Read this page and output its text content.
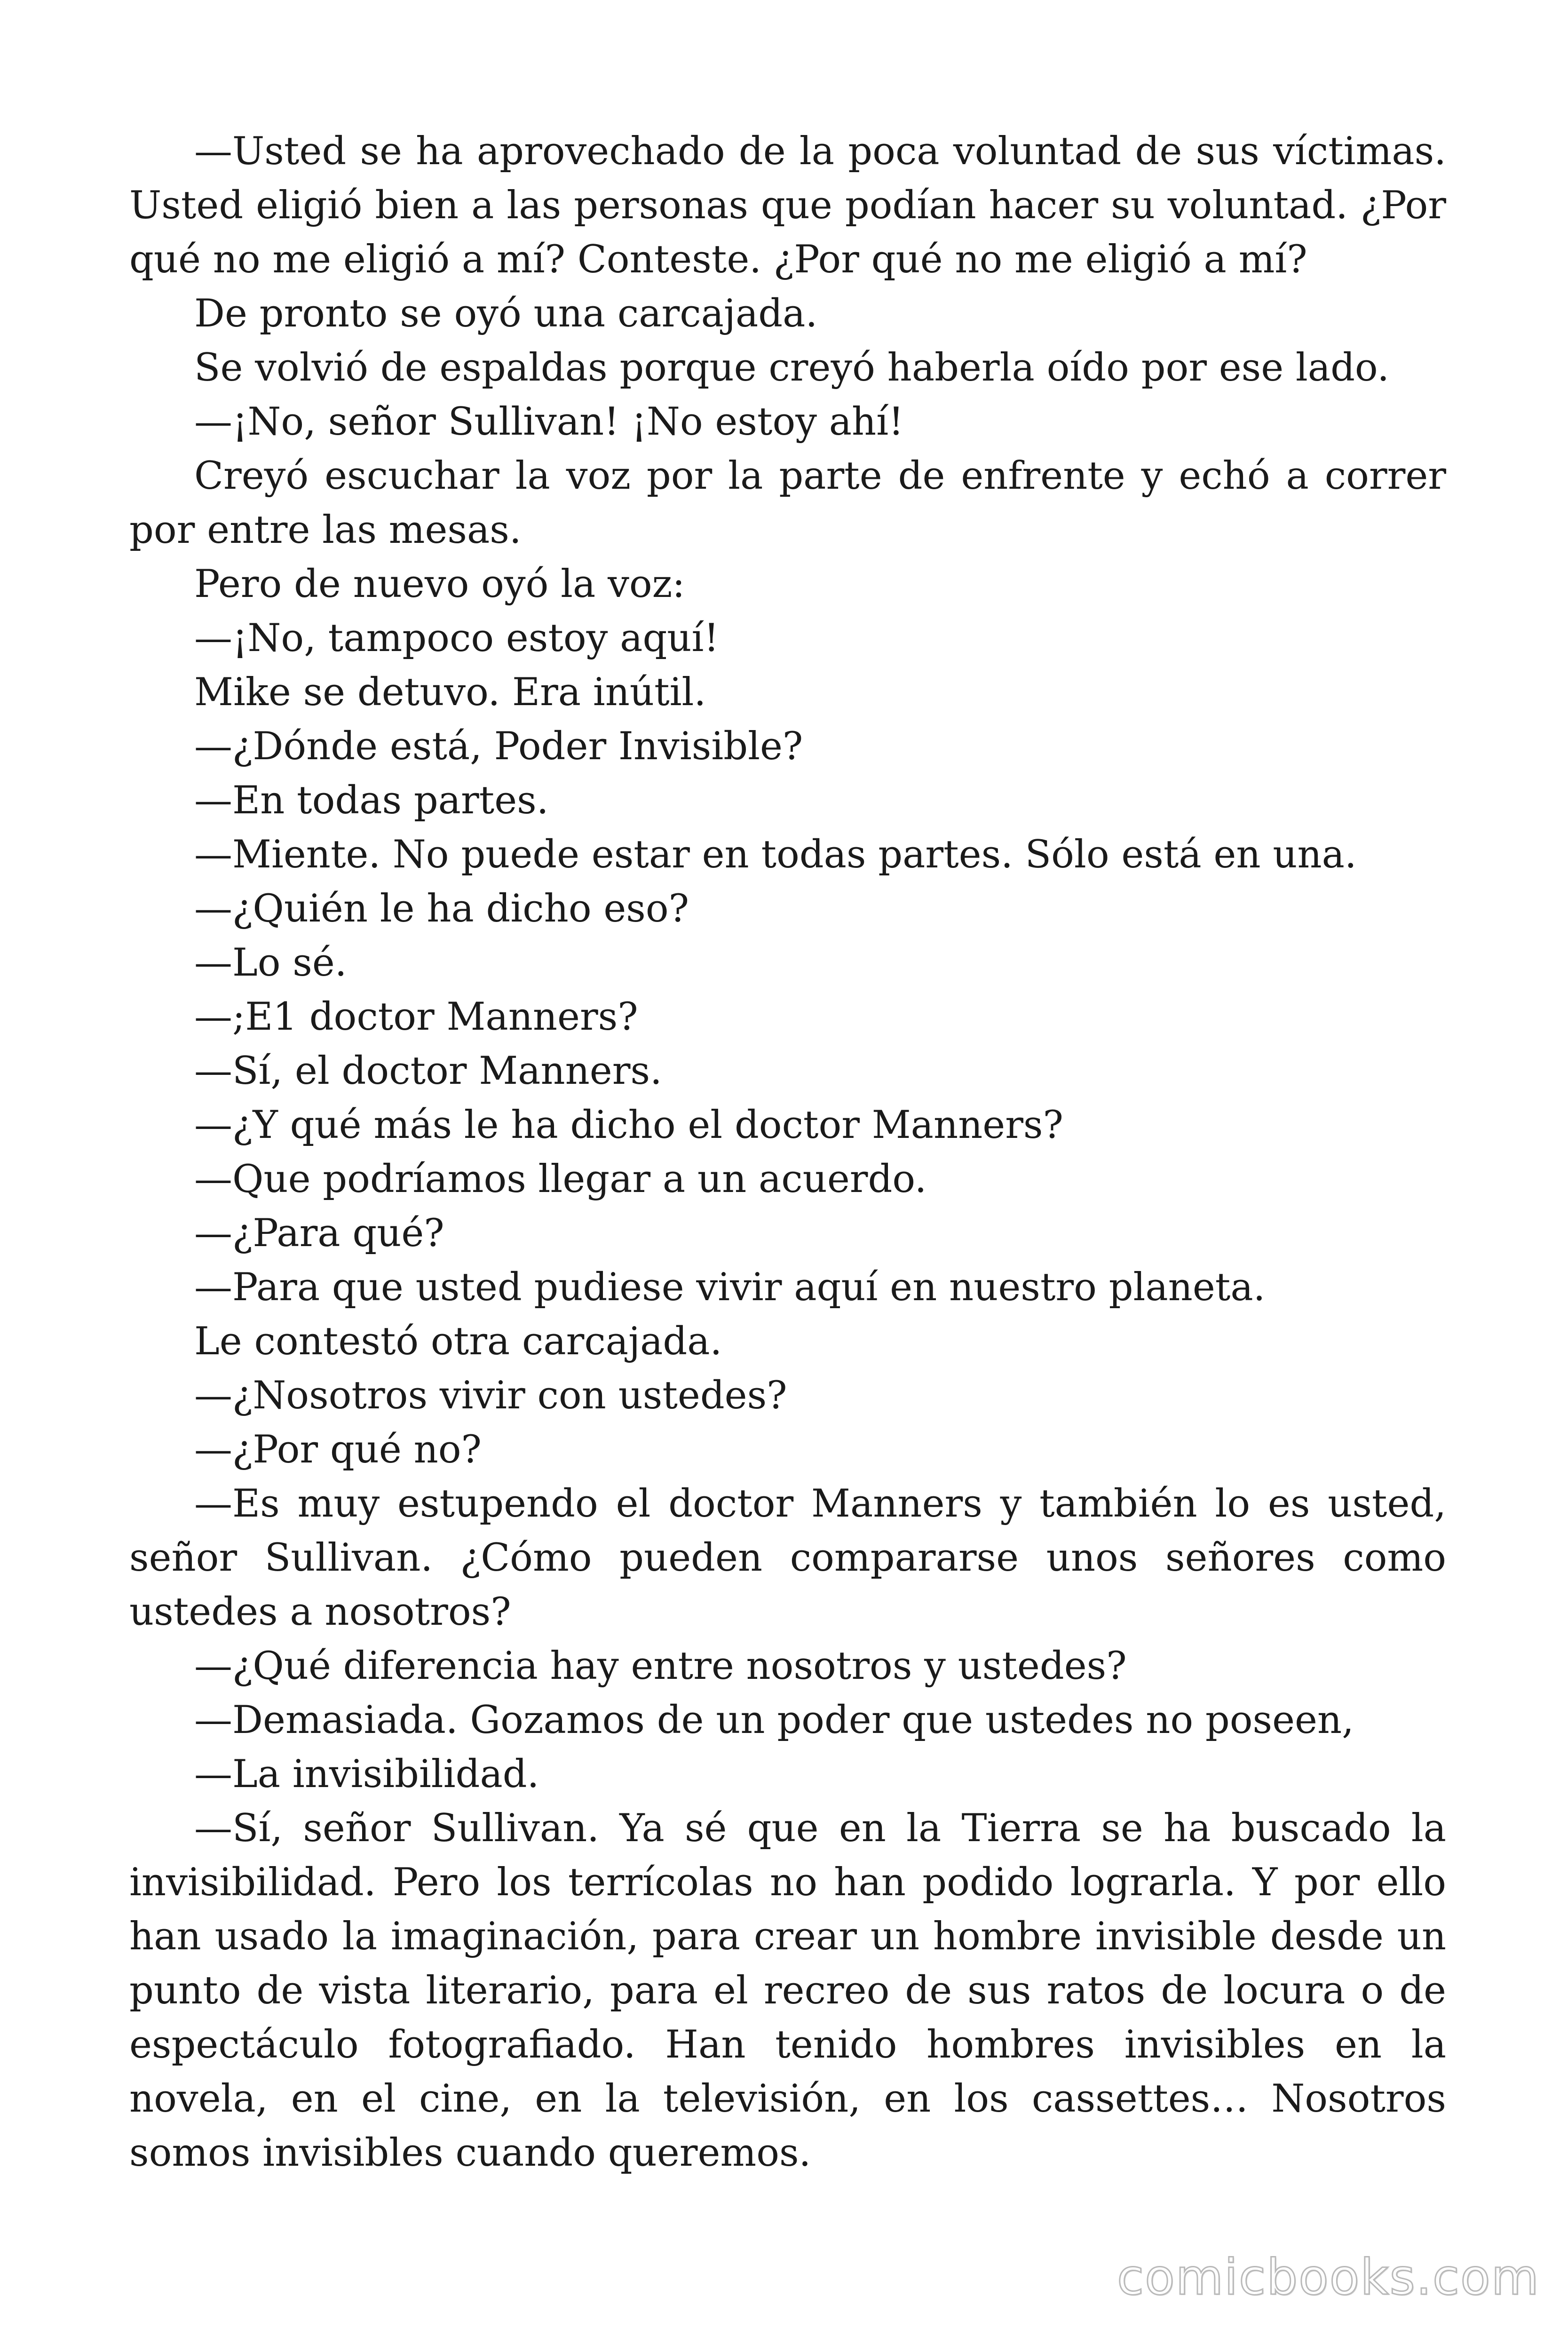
—Usted se ha aprovechado de la poca voluntad de sus víctimas. Usted eligió bien a las personas que podían hacer su voluntad. ¿Por qué no me eligió a mí? Conteste. ¿Por qué no me eligió a mí?

De pronto se oyó una carcajada.

Se volvió de espaldas porque creyó haberla oído por ese lado.

—¡No, señor Sullivan! ¡No estoy ahí!

Creyó escuchar la voz por la parte de enfrente y echó a correr por entre las mesas.

Pero de nuevo oyó la voz:

—¡No, tampoco estoy aquí!

Mike se detuvo. Era inútil.

—¿Dónde está, Poder Invisible?

—En todas partes.

—Miente. No puede estar en todas partes. Sólo está en una.

—¿Quién le ha dicho eso?

—Lo sé.

—;E1 doctor Manners?

—Sí, el doctor Manners.

—¿Y qué más le ha dicho el doctor Manners?

—Que podríamos llegar a un acuerdo.

—¿Para qué?

—Para que usted pudiese vivir aquí en nuestro planeta.

Le contestó otra carcajada.

—¿Nosotros vivir con ustedes?

—¿Por qué no?

—Es muy estupendo el doctor Manners y también lo es usted, señor Sullivan. ¿Cómo pueden compararse unos señores como ustedes a nosotros?

—¿Qué diferencia hay entre nosotros y ustedes?

—Demasiada. Gozamos de un poder que ustedes no poseen,

—La invisibilidad.

—Sí, señor Sullivan. Ya sé que en la Tierra se ha buscado la invisibilidad. Pero los terrícolas no han podido lograrla. Y por ello han usado la imaginación, para crear un hombre invisible desde un punto de vista literario, para el recreo de sus ratos de locura o de espectáculo fotografiado. Han tenido hombres invisibles en la novela, en el cine, en la televisión, en los cassettes… Nosotros somos invisibles cuando queremos.

comicbooks.com
